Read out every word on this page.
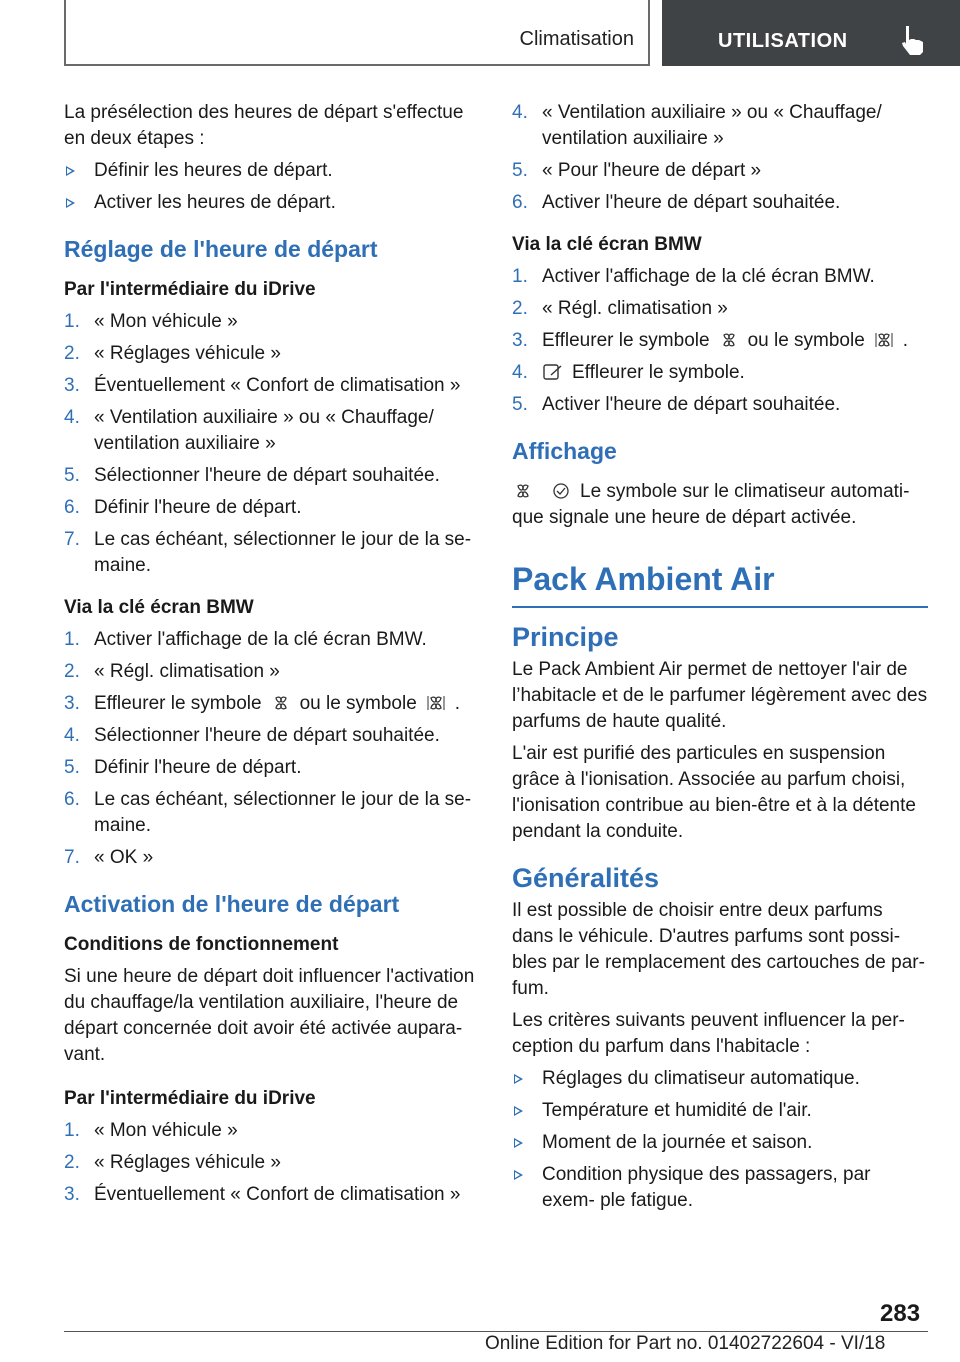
Climatisation	UTILISATION

La présélection des heures de départ s'effectue en deux étapes :

Définir les heures de départ.
Activer les heures de départ.
Réglage de l'heure de départ
Par l'intermédiaire du iDrive
1. « Mon véhicule »
2. « Réglages véhicule »
3. Éventuellement « Confort de climatisation »
4. « Ventilation auxiliaire » ou « Chauffage/ ventilation auxiliaire »
5. Sélectionner l'heure de départ souhaitée.
6. Définir l'heure de départ.
7. Le cas échéant, sélectionner le jour de la se‐ maine.
Via la clé écran BMW
1. Activer l'affichage de la clé écran BMW.
2. « Régl. climatisation »
3. Effleurer le symbole ou le symbole .
4. Sélectionner l'heure de départ souhaitée.
5. Définir l'heure de départ.
6. Le cas échéant, sélectionner le jour de la se‐ maine.
7. « OK »
Activation de l'heure de départ
Conditions de fonctionnement

Si une heure de départ doit influencer l'activation du chauffage/la ventilation auxiliaire, l'heure de départ concernée doit avoir été activée aupara‐ vant.

Par l'intermédiaire du iDrive
1. « Mon véhicule »
2. « Réglages véhicule »
3. Éventuellement « Confort de climatisation »
4. « Ventilation auxiliaire » ou « Chauffage/ ventilation auxiliaire »
5. « Pour l'heure de départ »
6. Activer l'heure de départ souhaitée.
Via la clé écran BMW
1. Activer l'affichage de la clé écran BMW.
2. « Régl. climatisation »
3. Effleurer le symbole ou le symbole .
4. Effleurer le symbole.
5. Activer l'heure de départ souhaitée.
Affichage

Le symbole sur le climatiseur automati‐ que signale une heure de départ activée.

Pack Ambient Air
Principe

Le Pack Ambient Air permet de nettoyer l'air de l’habitacle et de le parfumer légèrement avec des parfums de haute qualité.

L'air est purifié des particules en suspension grâce à l'ionisation. Associée au parfum choisi, l'ionisation contribue au bien-être et à la détente pendant la conduite.

Généralités

Il est possible de choisir entre deux parfums dans le véhicule. D'autres parfums sont possi‐ bles par le remplacement des cartouches de par‐ fum.

Les critères suivants peuvent influencer la per‐ ception du parfum dans l'habitacle :

Réglages du climatiseur automatique.
Température et humidité de l'air.
Moment de la journée et saison.
Condition physique des passagers, par exem‐ ple fatigue.
283
Online Edition for Part no. 01402722604 - VI/18
